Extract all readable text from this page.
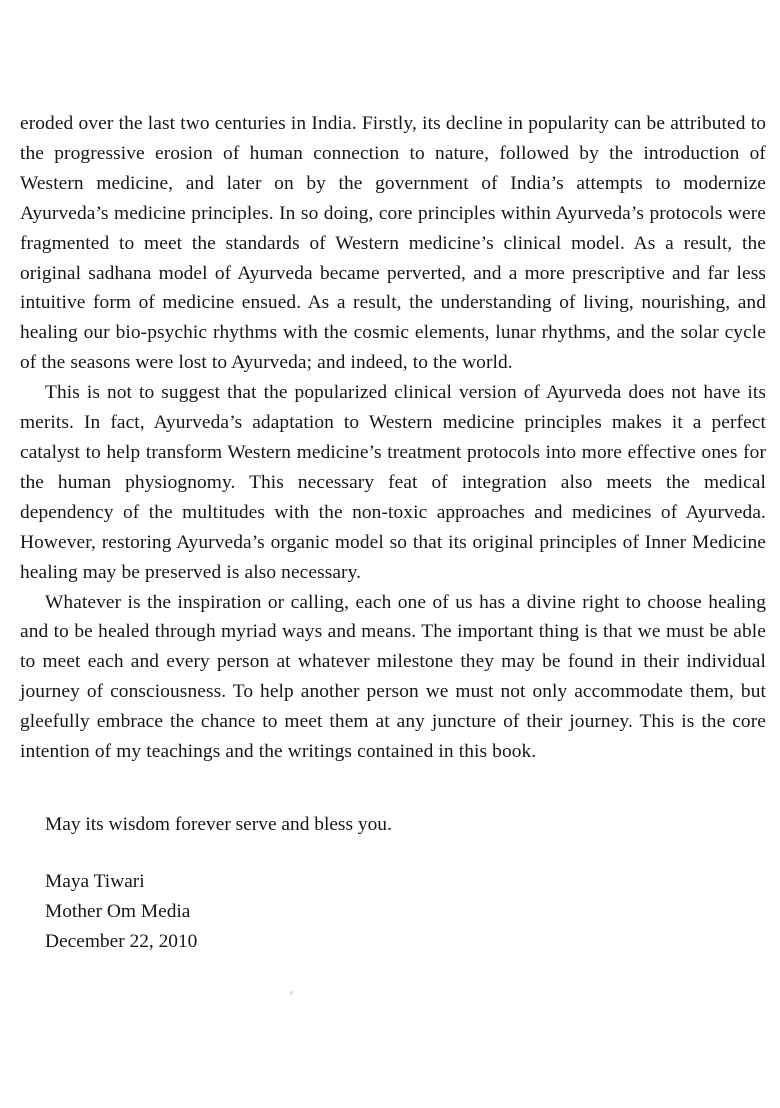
eroded over the last two centuries in India. Firstly, its decline in popularity can be attributed to the progressive erosion of human connection to nature, followed by the introduction of Western medicine, and later on by the government of India’s attempts to modernize Ayurveda’s medicine principles. In so doing, core principles within Ayurveda’s protocols were fragmented to meet the standards of Western medicine’s clinical model. As a result, the original sadhana model of Ayurveda became perverted, and a more prescriptive and far less intuitive form of medicine ensued. As a result, the understanding of living, nourishing, and healing our bio-psychic rhythms with the cosmic elements, lunar rhythms, and the solar cycle of the seasons were lost to Ayurveda; and indeed, to the world.

This is not to suggest that the popularized clinical version of Ayurveda does not have its merits. In fact, Ayurveda’s adaptation to Western medicine principles makes it a perfect catalyst to help transform Western medicine’s treatment protocols into more effective ones for the human physiognomy. This necessary feat of integration also meets the medical dependency of the multitudes with the non-toxic approaches and medicines of Ayurveda. However, restoring Ayurveda’s organic model so that its original principles of Inner Medicine healing may be preserved is also necessary.

Whatever is the inspiration or calling, each one of us has a divine right to choose healing and to be healed through myriad ways and means. The important thing is that we must be able to meet each and every person at whatever milestone they may be found in their individual journey of consciousness. To help another person we must not only accommodate them, but gleefully embrace the chance to meet them at any juncture of their journey. This is the core intention of my teachings and the writings contained in this book.

May its wisdom forever serve and bless you.

Maya Tiwari
Mother Om Media
December 22, 2010
